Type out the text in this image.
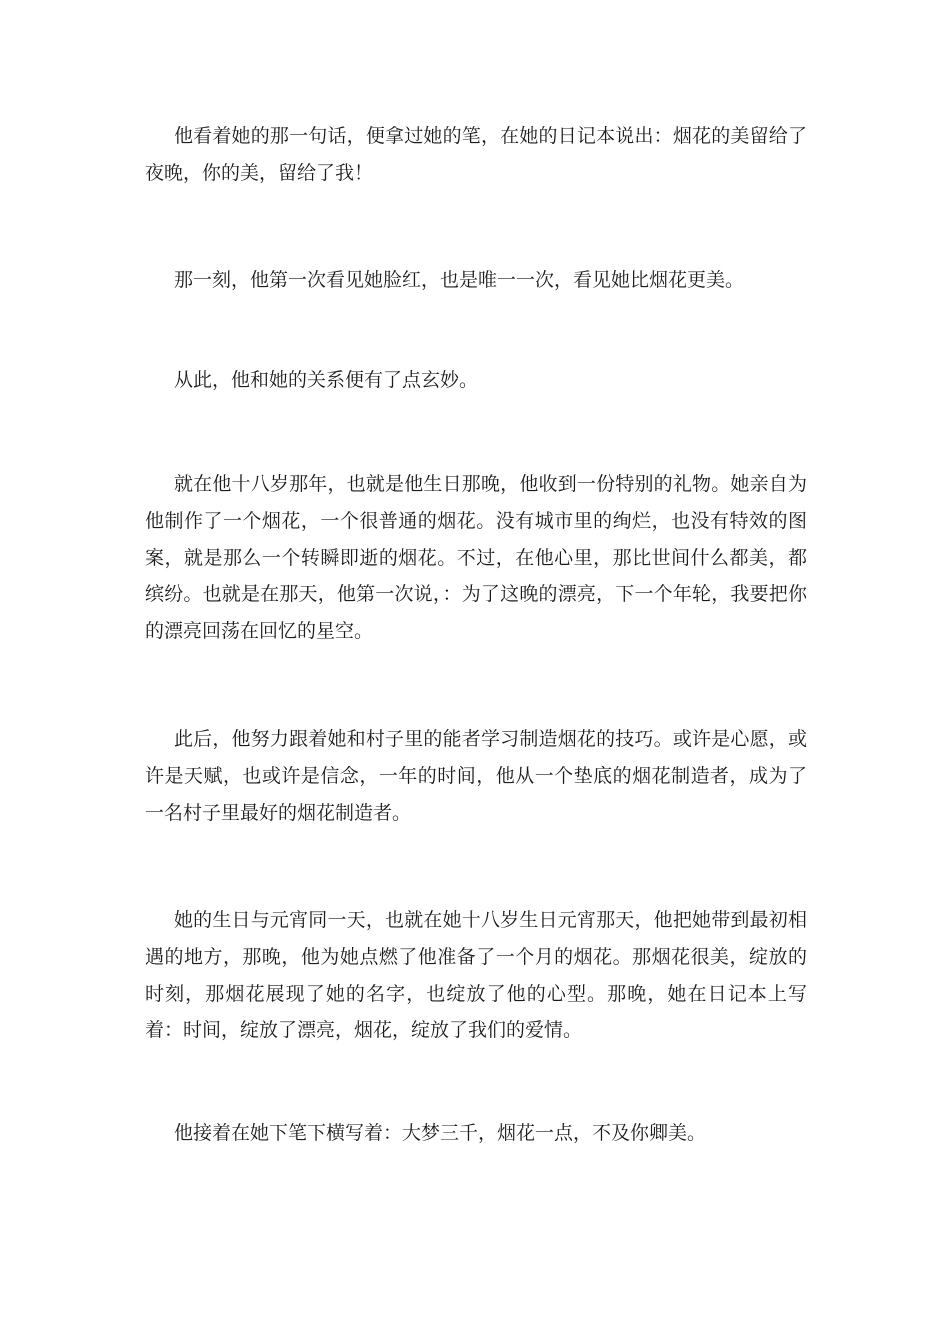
他看着她的那一句话，便拿过她的笔，在她的日记本说出：烟花的美留给了夜晚，你的美，留给了我！

那一刻，他第一次看见她脸红，也是唯一一次，看见她比烟花更美。

从此，他和她的关系便有了点玄妙。

就在他十八岁那年，也就是他生日那晚，他收到一份特别的礼物。她亲自为他制作了一个烟花，一个很普通的烟花。没有城市里的绚烂，也没有特效的图案，就是那么一个转瞬即逝的烟花。不过，在他心里，那比世间什么都美，都缤纷。也就是在那天，他第一次说，：为了这晚的漂亮，下一个年轮，我要把你的漂亮回荡在回忆的星空。

此后，他努力跟着她和村子里的能者学习制造烟花的技巧。或许是心愿，或许是天赋，也或许是信念，一年的时间，他从一个垫底的烟花制造者，成为了一名村子里最好的烟花制造者。

她的生日与元宵同一天，也就在她十八岁生日元宵那天，他把她带到最初相遇的地方，那晚，他为她点燃了他准备了一个月的烟花。那烟花很美，绽放的时刻，那烟花展现了她的名字，也绽放了他的心型。那晚，她在日记本上写着：时间，绽放了漂亮，烟花，绽放了我们的爱情。

他接着在她下笔下横写着：大梦三千，烟花一点，不及你卿美。
